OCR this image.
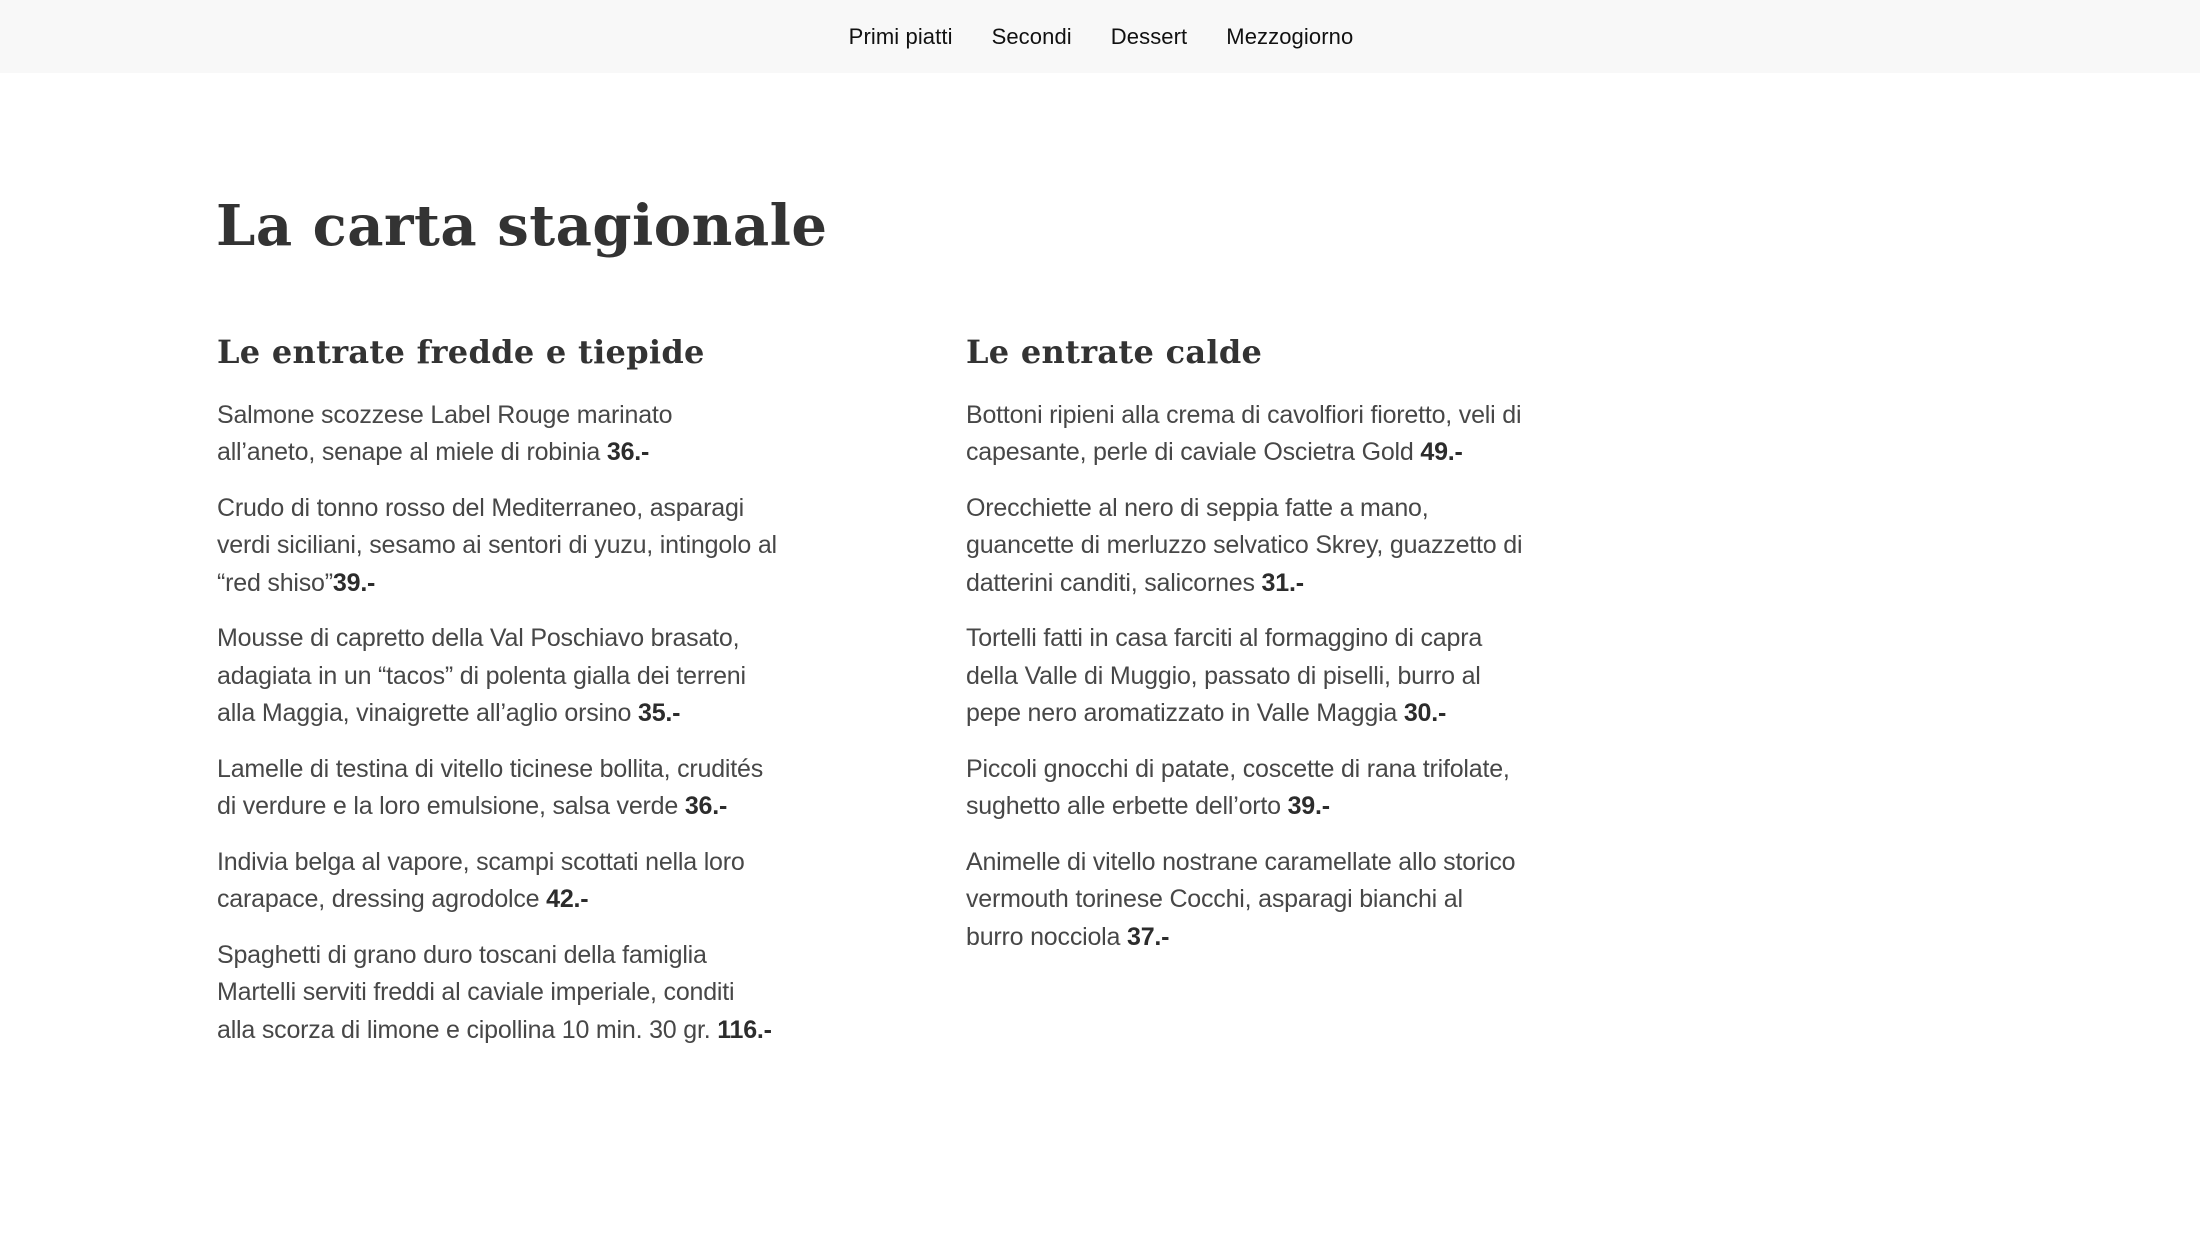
Primi piatti Secondi Dessert Mezzogiorno
La carta stagionale
Le entrate fredde e tiepide

Salmone scozzese Label Rouge marinato all’aneto, senape al miele di robinia 36.-

Crudo di tonno rosso del Mediterraneo, asparagi verdi siciliani, sesamo ai sentori di yuzu, intingolo al “red shiso”39.-

Mousse di capretto della Val Poschiavo brasato, adagiata in un “tacos” di polenta gialla dei terreni alla Maggia, vinaigrette all’aglio orsino 35.-

Lamelle di testina di vitello ticinese bollita, crudités di verdure e la loro emulsione, salsa verde 36.-

Indivia belga al vapore, scampi scottati nella loro carapace, dressing agrodolce 42.-

Spaghetti di grano duro toscani della famiglia Martelli serviti freddi al caviale imperiale, conditi alla scorza di limone e cipollina 10 min. 30 gr. 116.-

Le entrate calde

Bottoni ripieni alla crema di cavolfiori fioretto, veli di capesante, perle di caviale Oscietra Gold 49.-

Orecchiette al nero di seppia fatte a mano, guancette di merluzzo selvatico Skrey, guazzetto di datterini canditi, salicornes 31.-

Tortelli fatti in casa farciti al formaggino di capra della Valle di Muggio, passato di piselli, burro al pepe nero aromatizzato in Valle Maggia 30.-

Piccoli gnocchi di patate, coscette di rana trifolate, sughetto alle erbette dell’orto 39.-

Animelle di vitello nostrane caramellate allo storico vermouth torinese Cocchi, asparagi bianchi al burro nocciola 37.-
